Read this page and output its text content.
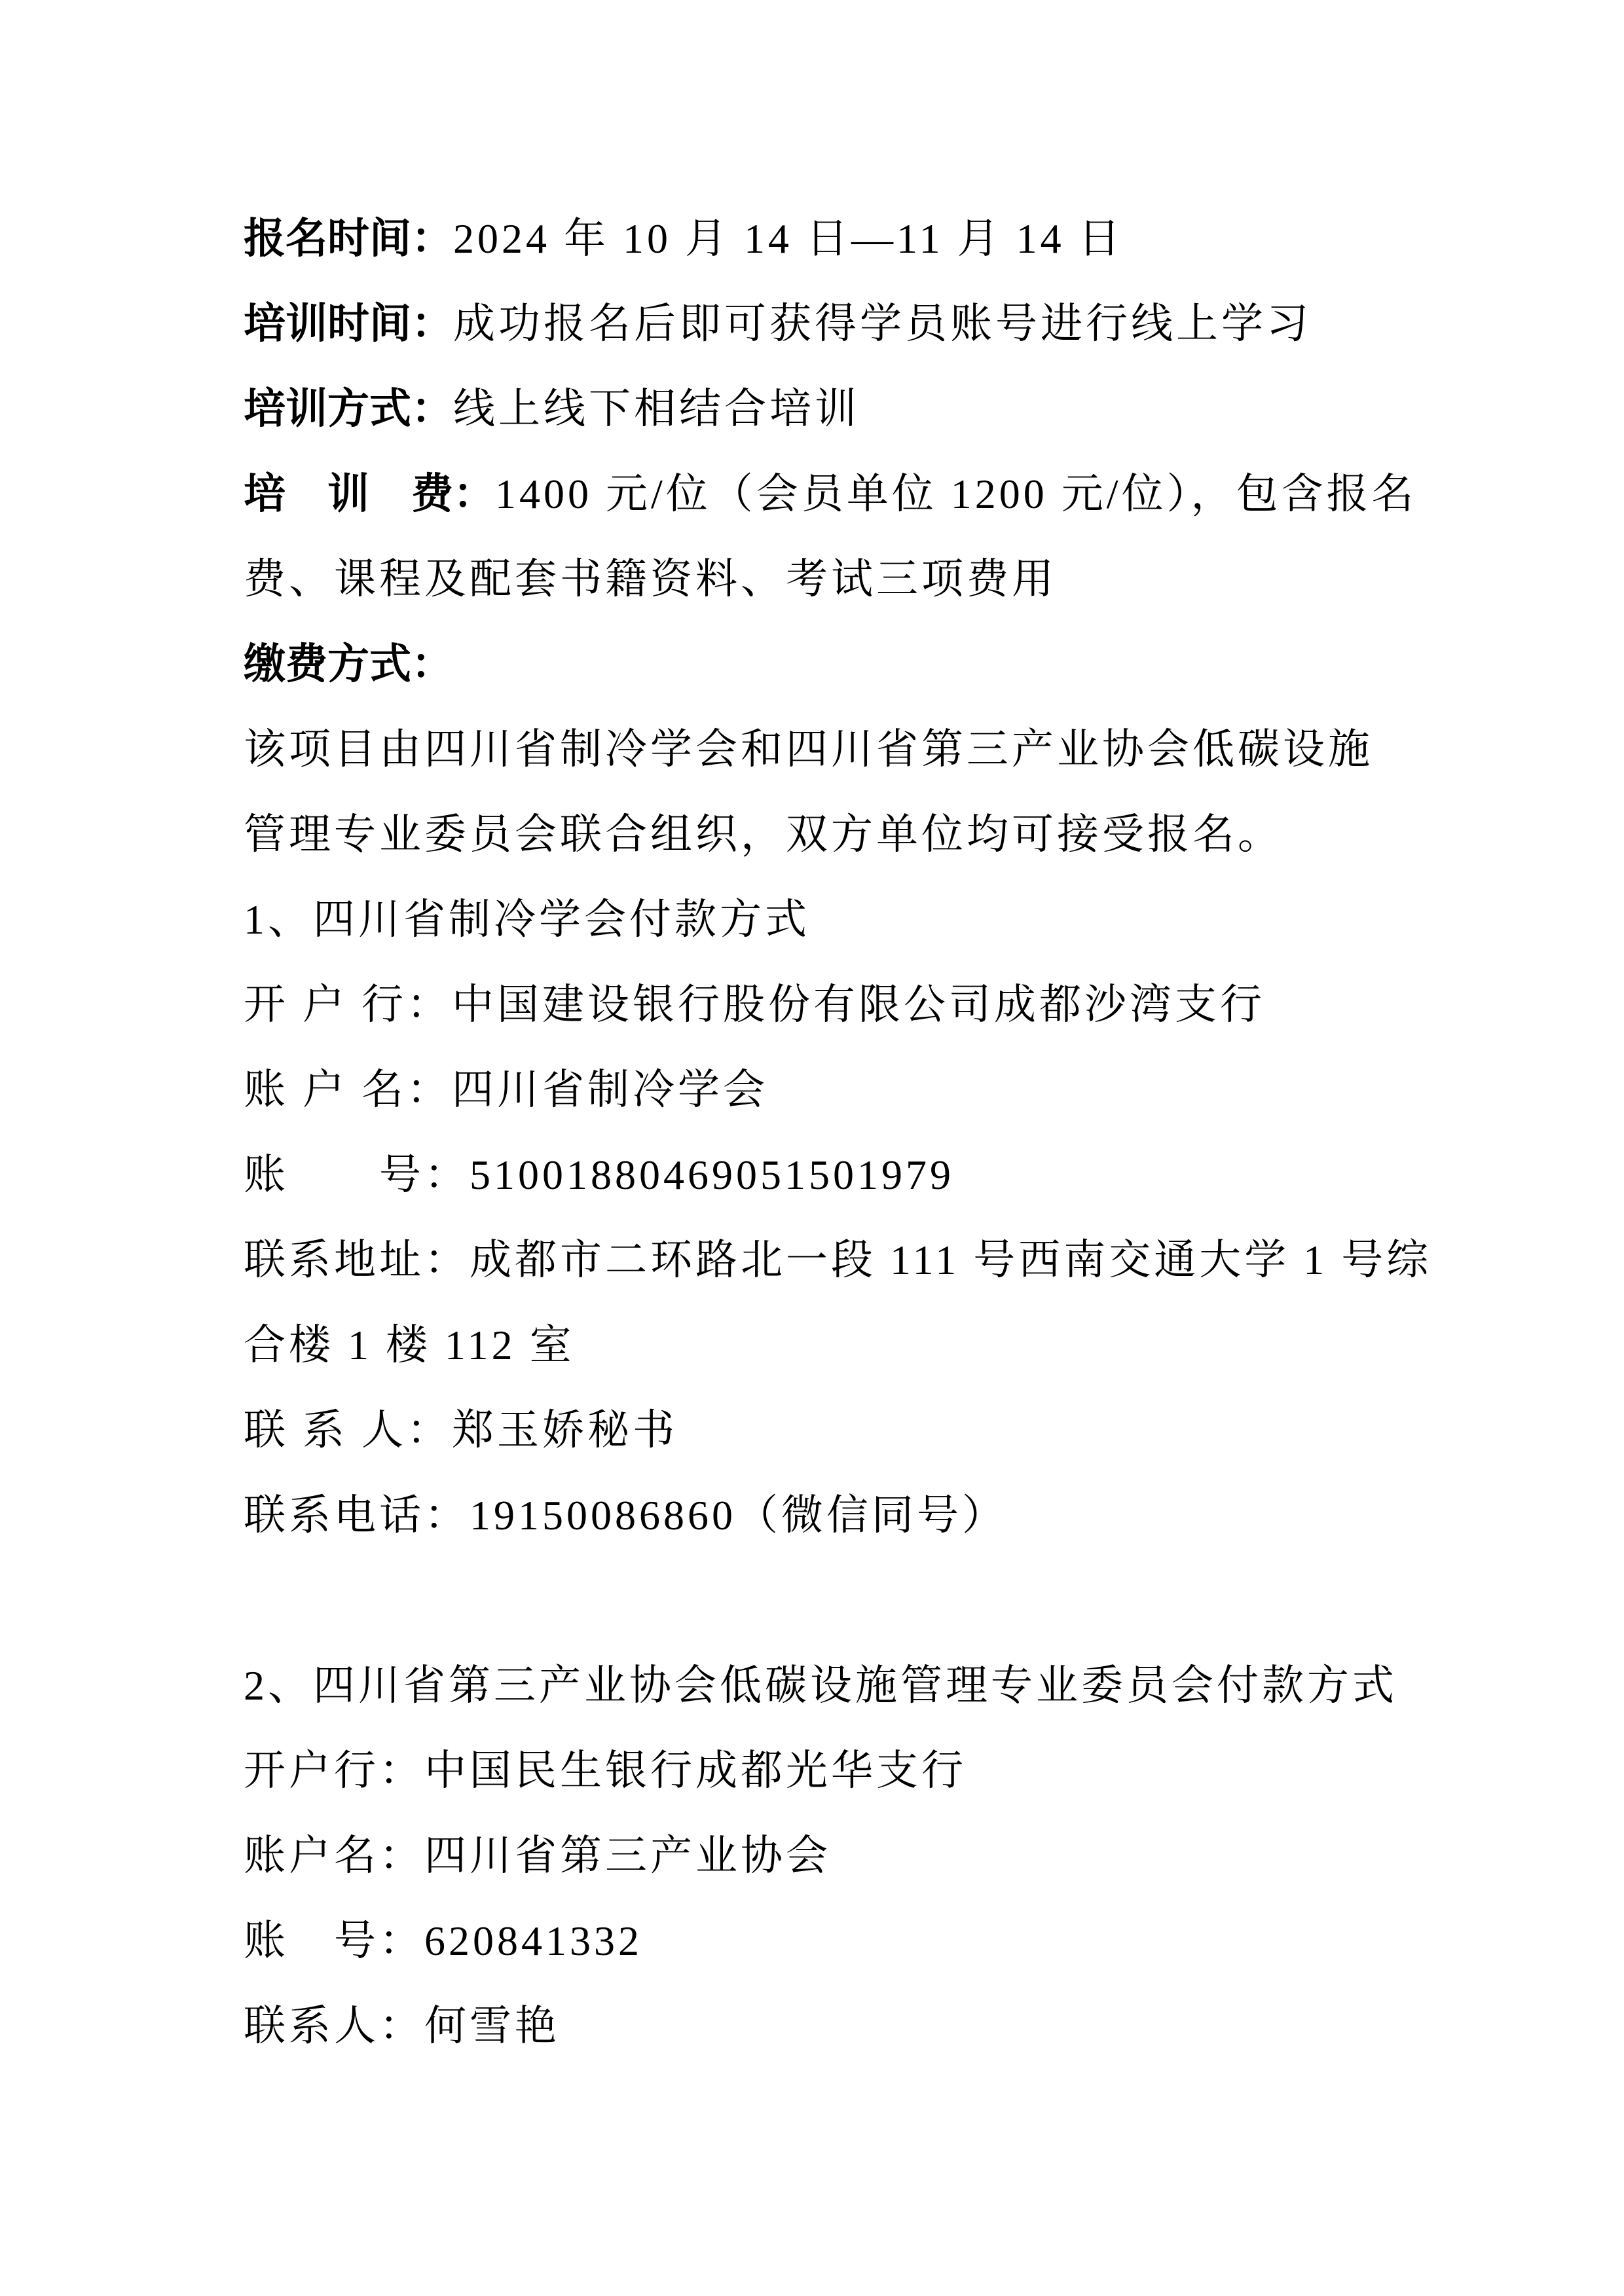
报名时间：2024 年 10 月 14 日—11 月 14 日

培训时间：成功报名后即可获得学员账号进行线上学习

培训方式：线上线下相结合培训

培　训　费：1400 元/位（会员单位 1200 元/位），包含报名

费、课程及配套书籍资料、考试三项费用

缴费方式：

该项目由四川省制冷学会和四川省第三产业协会低碳设施

管理专业委员会联合组织，双方单位均可接受报名。

1、四川省制冷学会付款方式

开 户 行：中国建设银行股份有限公司成都沙湾支行

账 户 名：四川省制冷学会

账　　号：51001880469051501979

联系地址：成都市二环路北一段 111 号西南交通大学 1 号综

合楼 1 楼 112 室

联 系 人：郑玉娇秘书

联系电话：19150086860（微信同号）

2、四川省第三产业协会低碳设施管理专业委员会付款方式

开户行：中国民生银行成都光华支行

账户名：四川省第三产业协会

账　号：620841332

联系人：何雪艳
